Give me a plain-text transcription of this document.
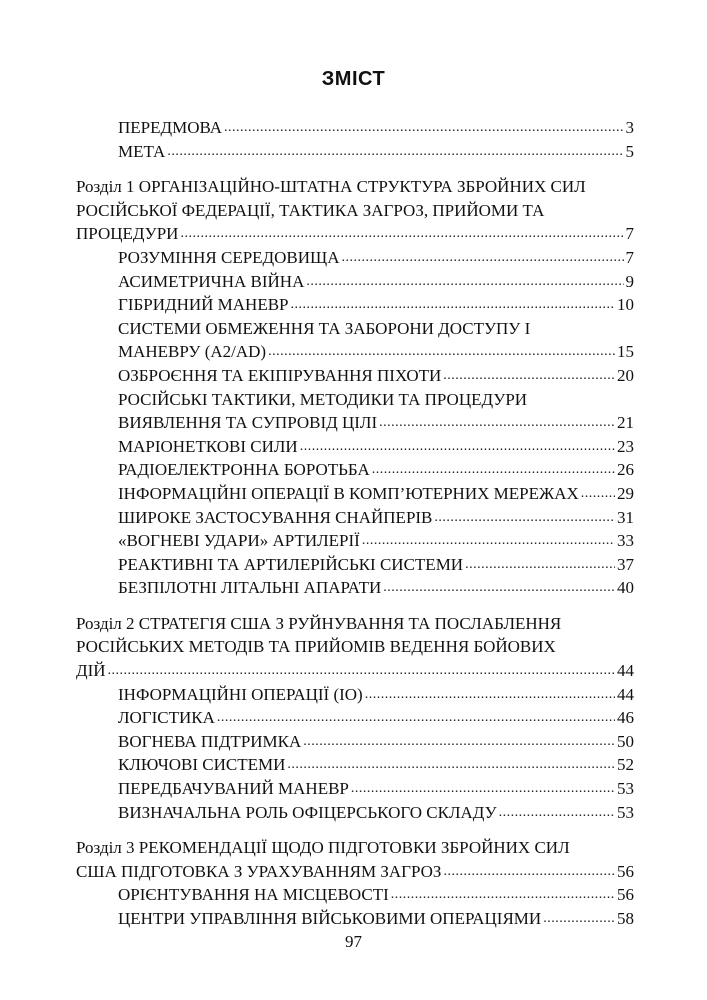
ЗМІСТ
ПЕРЕДМОВА .....	3
МЕТА .....	5
Розділ 1 ОРГАНІЗАЦІЙНО-ШТАТНА СТРУКТУРА ЗБРОЙНИХ СИЛ
РОСІЙСЬКОЇ ФЕДЕРАЦІЇ, ТАКТИКА ЗАГРОЗ, ПРИЙОМИ ТА
ПРОЦЕДУРИ .....	7
РОЗУМІННЯ СЕРЕДОВИЩА .....	7
АСИМЕТРИЧНА ВІЙНА .....	9
ГІБРИДНИЙ МАНЕВР .....	10
СИСТЕМИ ОБМЕЖЕННЯ ТА ЗАБОРОНИ ДОСТУПУ І
МАНЕВРУ (A2/AD) .....	15
ОЗБРОЄННЯ ТА ЕКІПІРУВАННЯ ПІХОТИ .....	20
РОСІЙСЬКІ ТАКТИКИ, МЕТОДИКИ ТА ПРОЦЕДУРИ
ВИЯВЛЕННЯ ТА СУПРОВІД ЦІЛІ .....	21
МАРІОНЕТКОВІ СИЛИ .....	23
РАДІОЕЛЕКТРОННА БОРОТЬБА .....	26
ІНФОРМАЦІЙНІ ОПЕРАЦІЇ В КОМП’ЮТЕРНИХ МЕРЕЖАХ ..... 29
ШИРОКЕ ЗАСТОСУВАННЯ СНАЙПЕРІВ .....	31
«ВОГНЕВІ УДАРИ» АРТИЛЕРІЇ .....	33
РЕАКТИВНІ ТА АРТИЛЕРІЙСЬКІ СИСТЕМИ .....	37
БЕЗПІЛОТНІ ЛІТАЛЬНІ АПАРАТИ .....	40
Розділ 2 СТРАТЕГІЯ США З РУЙНУВАННЯ ТА ПОСЛАБЛЕННЯ
РОСІЙСЬКИХ МЕТОДІВ ТА ПРИЙОМІВ ВЕДЕННЯ БОЙОВИХ
ДІЙ .....	44
ІНФОРМАЦІЙНІ ОПЕРАЦІЇ (IO) .....	44
ЛОГІСТИКА .....	46
ВОГНЕВА ПІДТРИМКА .....	50
КЛЮЧОВІ СИСТЕМИ .....	52
ПЕРЕДБАЧУВАНИЙ МАНЕВР .....	53
ВИЗНАЧАЛЬНА РОЛЬ ОФІЦЕРСЬКОГО СКЛАДУ .....	53
Розділ 3 РЕКОМЕНДАЦІЇ ЩОДО ПІДГОТОВКИ ЗБРОЙНИХ СИЛ
США ПІДГОТОВКА З УРАХУВАННЯМ ЗАГРОЗ .....	56
ОРІЄНТУВАННЯ НА МІСЦЕВОСТІ .....	56
ЦЕНТРИ УПРАВЛІННЯ ВІЙСЬКОВИМИ ОПЕРАЦІЯМИ .....	58
97
